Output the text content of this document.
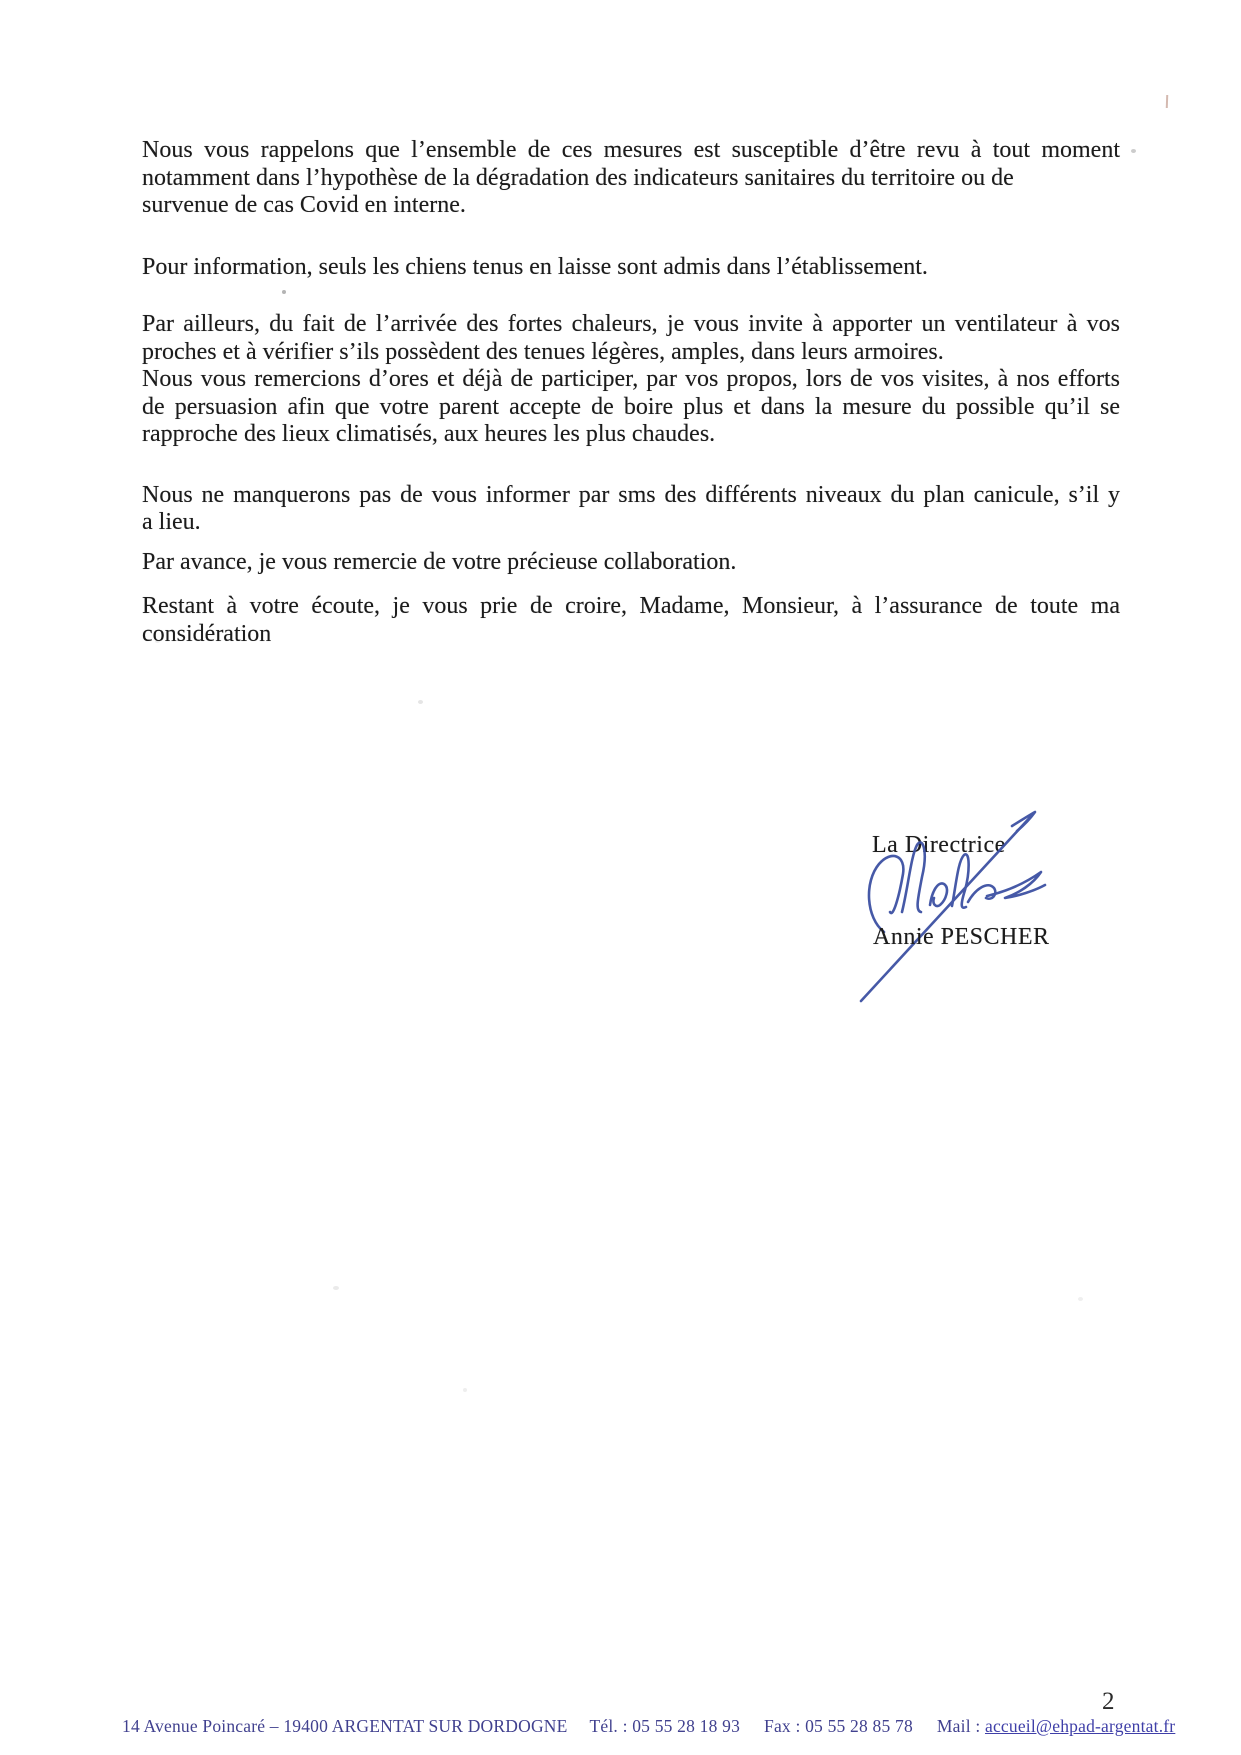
Nous vous rappelons que l’ensemble de ces mesures est susceptible d’être revu à tout moment
notamment dans l’hypothèse de la dégradation des indicateurs sanitaires du territoire ou de
survenue de cas Covid en interne.
Pour information, seuls les chiens tenus en laisse sont admis dans l’établissement.
Par ailleurs, du fait de l’arrivée des fortes chaleurs, je vous invite à apporter un ventilateur à vos
proches et à vérifier s’ils possèdent des tenues légères, amples, dans leurs armoires.
Nous vous remercions d’ores et déjà de participer, par vos propos, lors de vos visites, à nos efforts
de persuasion afin que votre parent accepte de boire plus et dans la mesure du possible qu’il se
rapproche des lieux climatisés, aux heures les plus chaudes.
Nous ne manquerons pas de vous informer par sms des différents niveaux du plan canicule, s’il y
a lieu.
Par avance, je vous remercie de votre précieuse collaboration.
Restant à votre écoute, je vous prie de croire, Madame, Monsieur, à l’assurance de toute ma
considération
La Directrice
Annie PESCHER
14 Avenue Poincaré – 19400 ARGENTAT SUR DORDOGNE Tél. : 05 55 28 18 93 Fax : 05 55 28 85 78 Mail : accueil@ehpad-argentat.fr
2
